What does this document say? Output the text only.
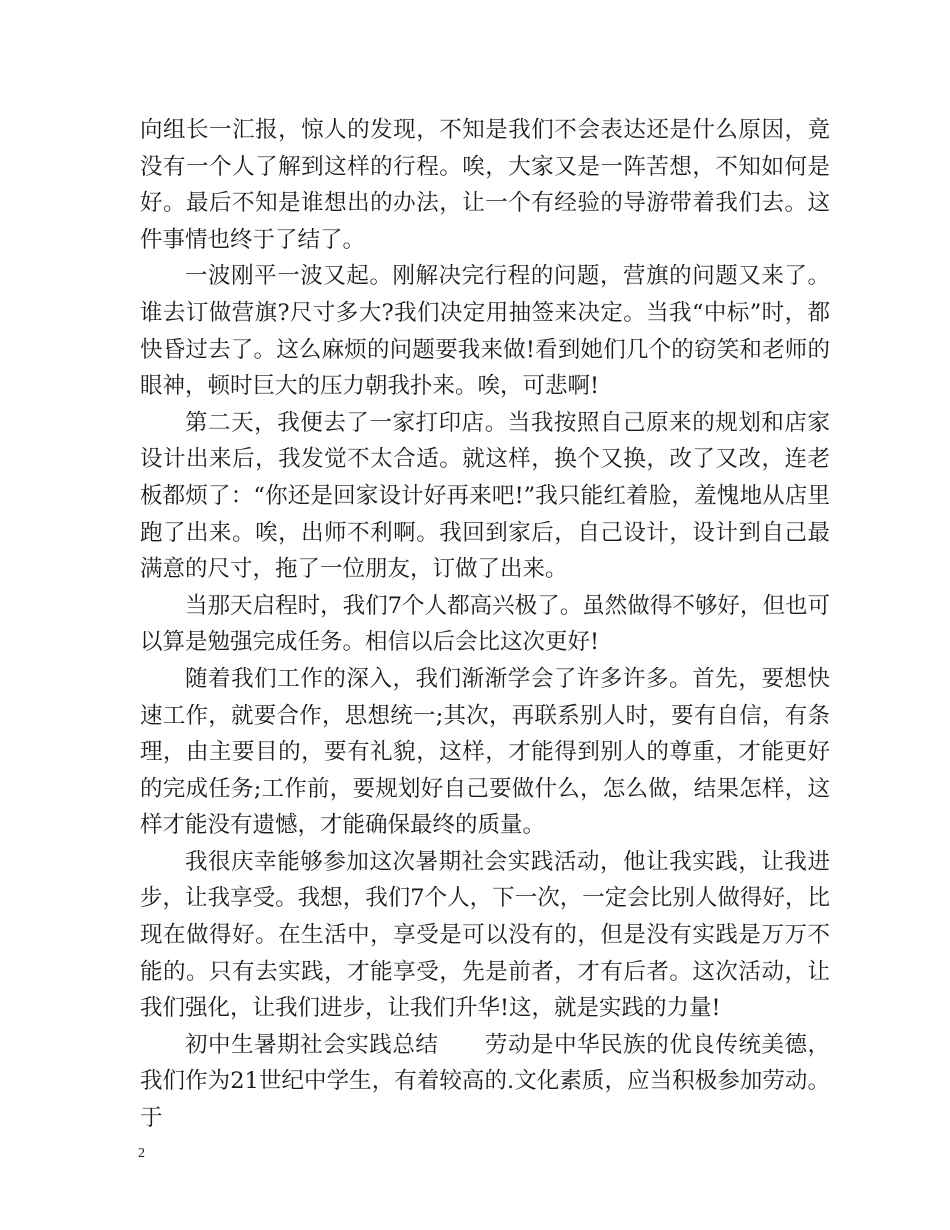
向组长一汇报，惊人的发现，不知是我们不会表达还是什么原因，竟没有一个人了解到这样的行程。唉，大家又是一阵苦想，不知如何是好。最后不知是谁想出的办法，让一个有经验的导游带着我们去。这件事情也终于了结了。

一波刚平一波又起。刚解决完行程的问题，营旗的问题又来了。谁去订做营旗?尺寸多大?我们决定用抽签来决定。当我“中标”时，都快昏过去了。这么麻烦的问题要我来做!看到她们几个的窃笑和老师的眼神，顿时巨大的压力朝我扑来。唉，可悲啊!

第二天，我便去了一家打印店。当我按照自己原来的规划和店家设计出来后，我发觉不太合适。就这样，换个又换，改了又改，连老板都烦了：“你还是回家设计好再来吧!”我只能红着脸，羞愧地从店里跑了出来。唉，出师不利啊。我回到家后，自己设计，设计到自己最满意的尺寸，拖了一位朋友，订做了出来。

当那天启程时，我们7个人都高兴极了。虽然做得不够好，但也可以算是勉强完成任务。相信以后会比这次更好!

随着我们工作的深入，我们渐渐学会了许多许多。首先，要想快速工作，就要合作，思想统一;其次，再联系别人时，要有自信，有条理，由主要目的，要有礼貌，这样，才能得到别人的尊重，才能更好的完成任务;工作前，要规划好自己要做什么，怎么做，结果怎样，这样才能没有遗憾，才能确保最终的质量。

我很庆幸能够参加这次暑期社会实践活动，他让我实践，让我进步，让我享受。我想，我们7个人，下一次，一定会比别人做得好，比现在做得好。在生活中，享受是可以没有的，但是没有实践是万万不能的。只有去实践，才能享受，先是前者，才有后者。这次活动，让我们强化，让我们进步，让我们升华!这，就是实践的力量!

初中生暑期社会实践总结 劳动是中华民族的优良传统美德，我们作为21世纪中学生，有着较高的.文化素质，应当积极参加劳动。于

2
